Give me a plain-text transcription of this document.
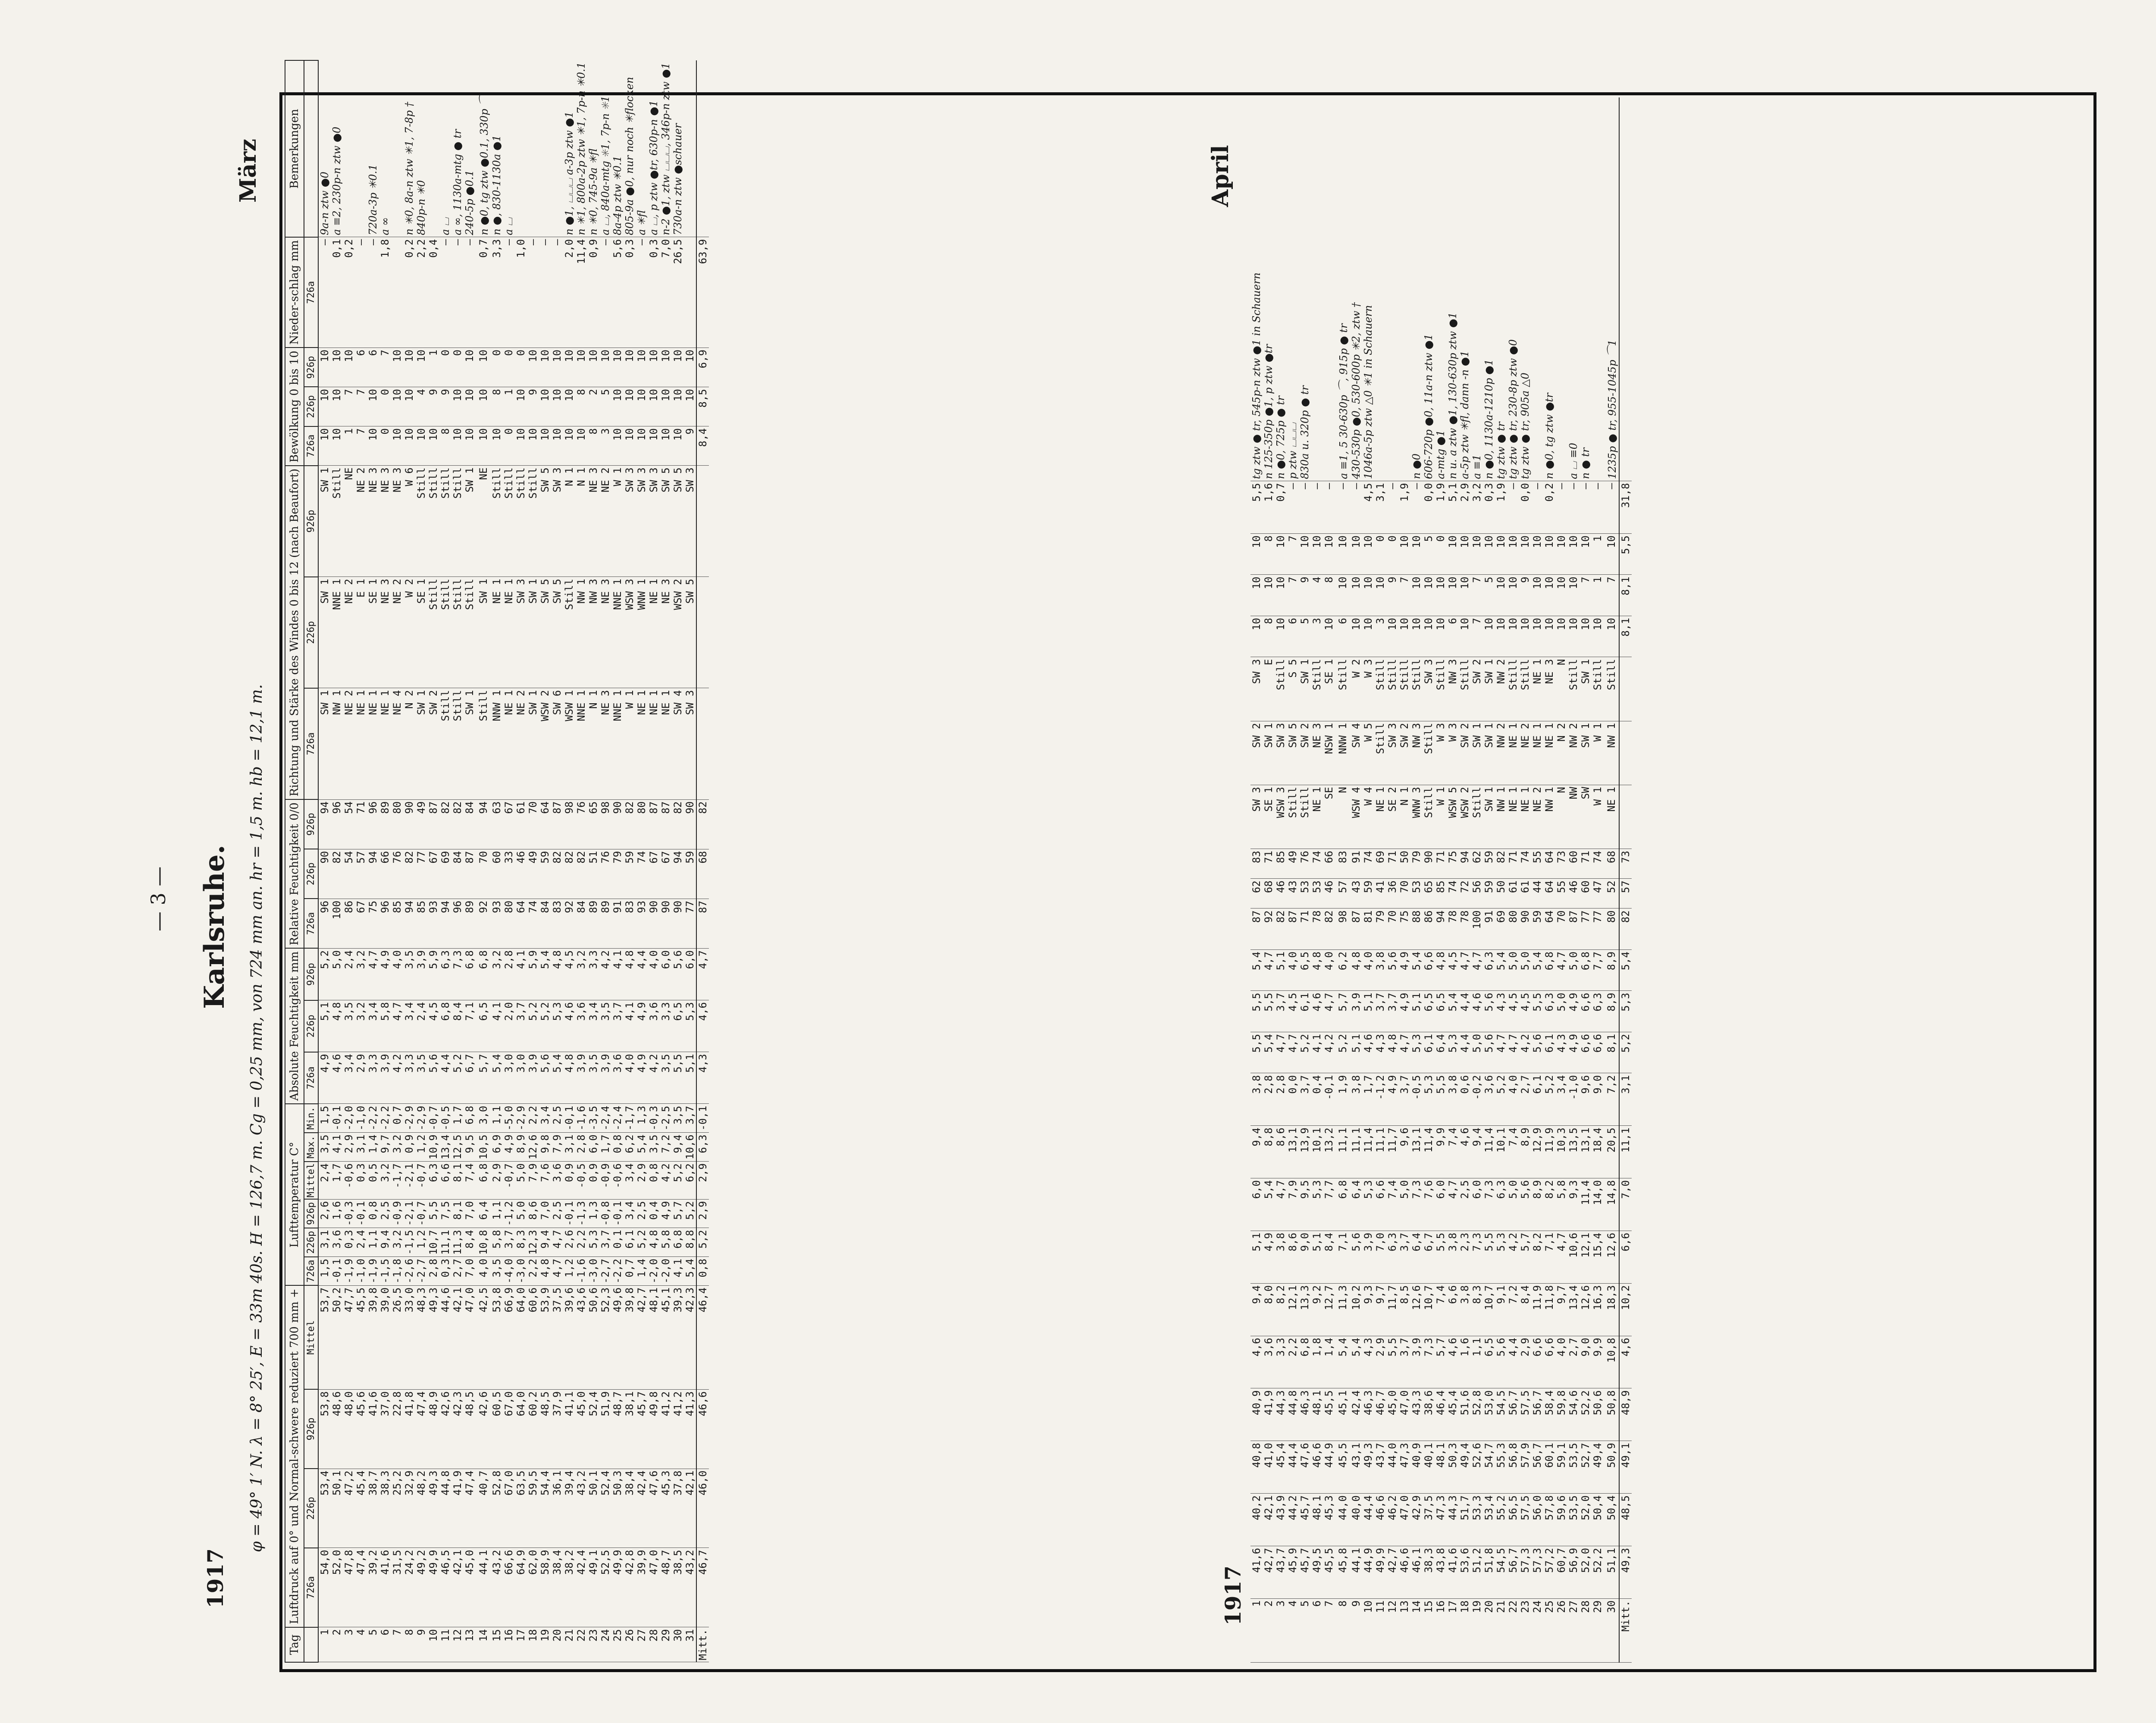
— 3 — Karlsruhe.
1917
φ = 49° 1′ N. λ = 8° 25′, E = 33m 40s. H = 126,7 m. Cg = 0,25 mm, von 724 mm an. hr = 1,5 m. hb = 12,1 m.
März
Tag	Luftdruck auf 0° und Normal-schwere reduziert 700 mm +				Lufttemperatur C°						Absolute Feuchtigkeit mm			Relative Feuchtigkeit 0/0			Richtung und Stärke des Windes 0 bis 12 (nach Beaufort)			Bewölkung 0 bis 10			Nieder-schlag mm	Bemerkungen
	726a	226p	926p	Mittel	726a	226p	926p	Mittel	Max.	Min.	726a	226p	926p	726a	226p	926p	726a	226p	926p	726a	226p	926p	726a	
1	54,0	53,4	53,8	53,7	1,5	3,1	2,6	2,4	3,5	1,5	4,9	5,1	5,2	96	90	94	SW 1	SW 1	SW 1	10	10	10	—	9a-n ztw ●0
2	52,0	50,1	48,6	50,2	-0,1	3,6	1,6	1,7	4,1	-0,1	4,6	4,8	5,0	100	82	96	NW 1	NNE 1	Still	10	10	10	0,1	a ≡2, 230p-n ztw ●0
3	47,8	47,2	48,0	47,7	-1,9	0,3	-0,3	-0,6	2,9	-2,0	3,4	3,5	2,4	86	54	54	NE 2	NE 2	NE	1	7	10	0,2	
4	47,4	45,4	45,6	45,5	-1,0	2,4	-0,1	0,3	3,1	-1,0	2,9	3,2	3,2	67	57	71	NE 1	E 1	NE 2	7	7	6	—	
5	39,2	38,7	41,6	39,8	-1,9	1,1	0,8	0,5	1,4	-2,2	3,3	3,4	4,7	75	94	96	NE 1	SE 1	NE 3	10	10	6	—	720a-3p ✳0.1
6	41,6	38,3	37,0	39,0	-1,5	9,4	2,5	3,2	9,7	-2,2	3,9	5,8	4,9	96	66	89	NE 1	NE 3	NE 3	0	0	7	1,8	a ∞
7	31,5	25,2	22,8	26,5	-1,8	3,2	-0,9	-1,7	3,2	0,7	4,2	4,7	4,0	85	76	80	NE 4	NE 2	NE 3	10	10	10		
8	24,2	32,9	41,8	33,0	-2,6	-1,5	-2,1	-2,1	0,9	-2,9	3,3	3,4	3,5	94	82	90	N 2	W 2	W 6	10	10	10	0,2	n ✳0, 8a-n ztw ✳1, 7-8p †
9	49,2	48,2	47,4	48,3	-2,7	1,2	-0,7	-0,7	1,2	-2,9	3,5	2,4	3,9	85	77	49	SW 1	SE 1	Still	10	4	10	2,2	840p-n ✳0
10	49,9	49,3	48,9	49,3	2,8	10,7	5,5	6,3	10,9	-0,7	5,6	4,5	5,9	93	67	87	SW 2	Still	Still	10	9	1	0,4	
11	46,5	44,8	42,6	44,6	0,3	11,1	7,5	6,6	13,4	-0,5	4,4	6,8	6,3	94	69	82	Still	Still	Still	8	9	0	—	a ⌴
12	42,1	41,9	42,3	42,1	2,7	11,3	8,1	8,1	12,5	1,7	5,2	8,4	7,3	96	84	82	Still	Still	Still	10	10	0	—	a ∞, 1130a-mtg ● tr
13	45,0	47,4	48,5	47,0	7,0	8,4	7,0	7,4	9,5	6,8	6,7	7,1	6,8	89	87	84	SW 1	Still	SW 1	10	10	10	—	240-5p ●0.1
14	44,1	40,7	42,6	42,5	4,0	10,8	6,4	6,8	10,5	3,0	5,7	6,5	6,8	92	70	94	Still	SW 1	NE	10	10	10	0,7	n ●0, tg ztw ●0.1, 330p ⌒
15	43,2	52,8	60,5	53,8	3,5	5,8	1,1	2,9	6,9	1,1	5,4	4,1	3,2	93	60	63	NNW 1	NE 1	Still	10	8	0	3,3	n ●, 830-1130a ●1
16	66,6	67,0	67,0	66,9	-4,0	3,7	-1,2	-0,7	4,9	-5,0	3,0	2,0	2,8	80	33	67	NE 1	NE 1	Still	0	1	0	—	a ⌴
17	64,9	63,5	64,0	64,0	-3,0	8,3	5,0	5,0	8,9	-2,9	3,0	3,7	4,1	64	46	61	NE 2	SW 3	Still	10	10	0	1,0	
18	62,0	59,5	60,2	60,6	2,2	12,3	8,6	7,9	12,6	2,2	3,9	5,2	5,9	74	49	70	SW 1	SW 1	Still	10	9	10	—	
19	58,9	54,4	48,5	53,9	4,8	9,4	7,0	7,6	9,8	3,4	5,6	5,2	5,4	84	59	64	WSW 2	SW 5	SW 5	10	10	10	—	
20	38,4	36,1	37,9	37,5	4,7	4,7	2,5	3,6	7,9	2,5	5,4	5,3	4,8	83	82	87	SW 6	SW 5	SW 3	10	10	10	—	
21	38,2	39,4	41,1	39,6	1,2	2,6	-0,1	0,9	3,1	-0,1	4,8	4,6	4,5	92	82	98	WSW 1	Still	N 1	10	10	10	2,0	n ●1, ⌴⌴⌴ a-3p ztw ●1
22	42,4	43,2	45,0	43,6	-1,6	2,2	-1,3	-0,5	2,8	-1,6	3,9	3,6	3,2	84	82	76	NNE 1	NW 1	N 1	10	8	10	11,4	n ✳1, 800a-2p ztw ✳1, 7p-n ✳0.1
23	49,1	50,1	52,4	50,6	-3,0	5,3	1,3	0,9	6,0	-3,5	3,5	3,4	3,3	89	51	65	N 1	NW 3	NE 3	8	2	10	0,9	n ✳0, 745-9a ✳fl
24	52,5	52,4	51,9	52,3	-2,7	3,7	-0,8	-0,9	1,7	-2,4	3,9	3,5	4,2	89	76	98	NE 3	NE 3	NE 2	3	5	10	—	a ⌴, 840a-mtg ✳1, 7p-n ✳1
25	49,9	50,3	48,7	49,6	-2,2	0,1	-0,1	-0,6	0,8	-2,4	3,6	3,7	4,1	91	79	90	NNE 1	NNE 1	W 1	10	10	10	5,6	8a-4p ztw ✳0.1
26	42,8	38,4	38,1	39,8	0,7	6,1	3,4	3,4	6,2	-1,7	4,0	4,1	4,8	83	59	82	W 1	WSW 3	SW 3	10	10	10	0,3	805-9a ●0, nur noch ✳flocken
27	39,9	42,4	45,7	42,7	1,4	5,2	2,5	2,9	5,4	1,3	4,9	4,9	4,4	93	74	80	NE 1	WNW 1	SW 3	10	10	10	—	a ✳fl
28	47,0	47,6	49,8	48,1	-2,0	4,8	0,4	0,8	3,5	-0,3	4,2	3,6	4,0	90	67	87	NE 1	NE 1	SW 3	10	10	10	0,3	a ⌴, p ztw ●tr, 630p-n ●1
29	48,7	45,3	41,2	45,1	-2,0	5,8	4,9	4,2	7,2	-2,5	3,5	3,3	6,0	90	67	87	NE 1	NE 3	SW 5	10	10	10	7,0	n-2 ●1, ztw ⌴⌴⌴, 346p-n ztw ●1
30	38,5	37,8	41,2	39,3	4,1	6,8	5,7	5,2	9,4	3,5	5,5	6,5	5,6	90	94	82	SW 4	WSW 2	SW 5	10	10	10	26,5	730a-n ztw ●schauer
31	43,2	42,1	41,3	42,3	5,4	8,8	5,2	6,2	10,6	3,7	5,1	5,3	6,0	77	59	90	SW 3	SW 5	SW 3	9	10	10		
Mitt.	46,7	46,0	46,6	46,4	0,8	5,2	2,9	2,9	6,3	-0,1	4,3	4,6	4,7	87	68	82				8,4	8,5	6,9	63,9	
1917
April
1	41,6	40,2	40,8	40,9	4,6	9,4	5,1	6,0	9,4	3,8	5,5	5,5	5,4	87	62	83	SW 3	SW 2	SW 3	10	10	10	5,5	tg ztw ● tr, 545p-n ztw ●1 in Schauern
2	42,7	42,1	41,0	41,9	3,6	8,0	4,9	5,4	8,8	2,8	5,4	5,5	4,7	92	68	71	SE 1	SW 1	E	8	10	8	1,6	n 125-350p ●1, p ztw ●tr
3	43,7	43,9	45,4	44,3	3,3	8,2	3,8	4,7	8,6	2,8	4,7	3,7	5,1	82	46	85	WSW 3	SW 3	Still	10	10	10	0,7	n ●0, 725p ● tr
4	45,9	44,2	44,4	44,8	2,2	12,1	8,6	7,9	13,1	0,0	4,7	4,5	4,0	87	43	49	Still	SW 5	S 5	6	7	7	—	p ztw ⌴⌴⌴
5	45,7	45,7	47,6	46,3	6,8	13,3	9,0	9,5	13,9	3,7	5,2	6,1	6,5	71	53	76	Still	SW 2	SW 1	5	9	10	—	830a u. 320p ● tr
6	49,5	48,1	46,6	48,1	1,8	9,2	5,1	5,3	10,1	0,4	4,1	4,6	4,8	78	53	74	NE 1	NE 3	Still	3	4	10	—	
7	45,5	45,3	44,9	45,5	1,4	12,7	8,4	7,7	13,2	-0,1	4,2	4,7	4,0	82	46	66	SE	NSW 1	SE 1	10	8	10	—	
8	45,8	44,0	45,5	45,1	5,4	11,3	7,1	6,8	11,1	1,9	5,2	5,7	6,2	98	57	83	N	NNW 1	Still	6	10	10	—	a ≡1, 5 30-630p ⌒, 915p ● tr
9	44,1	40,0	43,1	42,4	5,4	10,2	5,6	6,4	11,1	3,8	5,1	3,9	4,8	87	43	91	WSW 4	SW 4	W 2	10	10	10	—	430-530p ●0, 530-600p ✳2, ztw †
10	44,9	44,4	49,3	46,3	4,3	9,3	3,9	5,3	11,4	1,7	4,6	5,1	4,0	81	59	74	W 4	W 5	W 3	10	10	10	4,5	1046a-5p ztw △0 ✳1 in Schauern
11	49,9	46,6	43,7	46,7	2,9	9,7	7,0	6,6	11,1	-1,2	4,3	3,7	3,8	79	41	69	NE 1	Still	Still	3	10	0	3,1	
12	42,7	46,2	44,0	45,0	5,5	11,7	6,3	7,4	11,7	4,9	4,8	3,7	5,6	70	36	71	SE 2	SW 3	Still	10	9	0	—	
13	46,6	47,0	47,3	47,0	3,7	8,5	3,7	5,0	9,6	3,7	4,7	4,9	4,9	75	70	50	N 1	SW 2	Still	10	7	10	1,9	
14	46,1	42,9	40,9	43,3	3,9	12,6	6,4	7,3	13,1	-0,5	5,3	5,1	5,4	88	53	79	WNW 3	NW 3	Still	10	10	10	—	n ●0
15	38,3	37,5	40,1	38,6	7,3	10,7	6,7	7,6	11,4	5,3	6,1	6,5	6,6	86	65	90	Still	Still	SW 3	10	10	5	0,0	606-720p ●0, 11a-n ztw ●1
16	43,8	47,3	48,1	46,4	5,7	7,4	5,5	6,0	9,9	5,5	6,4	6,5	4,8	94	85	71	W 1	W 3	Still	10	10	0	1,9	a-mtg ●1
17	41,6	44,3	50,3	45,4	4,6	6,6	3,8	4,7	7,4	3,8	5,3	5,4	4,5	78	74	75	WSW 5	W 3	NW 3	6	10	10	5,1	n u. a ztw ●1, 130-630p ztw ●1
18	53,6	51,7	49,4	51,6	1,6	3,8	2,3	2,5	4,6	0,6	4,4	4,4	4,7	78	72	94	WSW 2	SW 2	Still	10	10	10	2,9	a-5p ztw ✳fl, dann -n ●1
19	51,2	53,3	52,6	52,8	1,1	8,3	7,3	6,0	9,4	-0,2	5,0	4,6	4,7	100	56	62	Still	SW 1	SW 2	7	7	10	3,2	a ≡1
20	51,8	53,4	54,7	53,0	6,5	10,7	5,5	7,3	11,4	3,6	5,6	5,6	6,3	91	59	59	SW 1	SW 1	SW 1	10	5	10	0,3	n ●0, 1130a-1210p ●1
21	54,5	55,2	55,3	54,5	5,6	9,1	5,3	6,3	10,1	5,2	4,7	4,3	5,4	69	50	82	NW 1	NW 2	NW 2	10	10	10	1,9	tg ztw ● tr
22	56,7	56,5	56,8	56,7	4,4	7,2	4,2	5,0	7,4	4,0	4,7	4,5	5,0	80	61	71	NE 1	NE 1	Still	10	10	10	—	tg ztw ● tr, 230-8p ztw ●0
23	57,3	57,5	57,9	57,5	2,9	8,4	5,7	5,6	8,9	2,7	4,2	4,5	5,0	90	61	74	NE 1	NE 2	Still	10	9	10	0,0	tg ztw ● tr, 905a △0
24	57,3	56,0	56,7	56,7	6,6	11,9	8,2	8,9	12,9	6,1	5,6	5,5	5,4	59	44	55	NE 2	NE 1	NE 1	10	10	10	—	
25	57,2	57,8	60,1	58,4	6,6	11,8	7,1	8,2	11,9	5,2	6,1	6,3	6,8	64	64	64	NW 1	NE 1	NE 3	10	10	10	0,2	n ●0, tg ztw ●tr
26	60,7	59,6	59,1	59,8	4,0	9,7	4,7	5,8	10,3	3,4	4,3	5,0	4,7	70	55	73	N	N 2	N	10	10	10	—	
27	56,9	53,5	53,5	54,6	2,7	13,4	10,6	9,3	13,5	-1,0	4,9	4,9	5,0	87	46	60	NW	NW 2	Still	10	10	10	—	a ⌴ ≡0
28	52,0	52,0	52,7	52,2	9,0	12,6	12,1	11,4	13,1	9,6	6,6	6,6	6,8	77	60	71	SW	SW 1	SW 1	10	7	10	—	n ● tr
29	52,2	50,4	49,4	50,6	9,9	16,3	15,4	14,0	18,4	9,0	6,6	6,3	7,7	77	47	74	W 1	W 1	Still	10	1	1	—	
30	51,1	50,4	50,9	50,8	10,8	18,3	12,6	14,8	20,5	7,2	8,1	8,9	8,9	80	52	68	NE 1	NW 1	Still	10	7	10	—	1235p ● tr, 955-1045p ⌒1
Mitt.	49,3	48,5	49,1	48,9	4,6	10,2	6,6	7,0	11,1	3,1	5,2	5,3	5,4	82	57	73				8,1	8,1	5,5	31,8	
